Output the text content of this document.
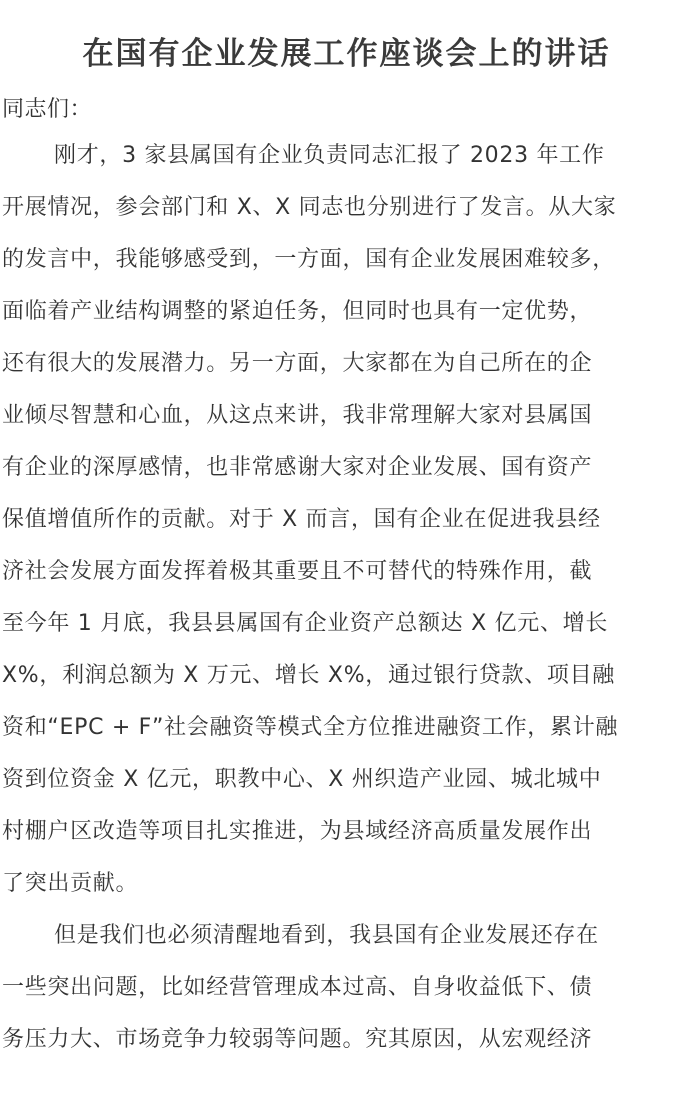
在国有企业发展工作座谈会上的讲话

同志们：

刚才，3 家县属国有企业负责同志汇报了 2023 年工作
开展情况，参会部门和 X、X 同志也分别进行了发言。从大家
的发言中，我能够感受到，一方面，国有企业发展困难较多，
面临着产业结构调整的紧迫任务，但同时也具有一定优势，
还有很大的发展潜力。另一方面，大家都在为自己所在的企
业倾尽智慧和心血，从这点来讲，我非常理解大家对县属国
有企业的深厚感情，也非常感谢大家对企业发展、国有资产
保值增值所作的贡献。对于 X 而言，国有企业在促进我县经
济社会发展方面发挥着极其重要且不可替代的特殊作用，截
至今年 1 月底，我县县属国有企业资产总额达 X 亿元、增长
X%，利润总额为 X 万元、增长 X%，通过银行贷款、项目融
资和“EPC + F”社会融资等模式全方位推进融资工作，累计融
资到位资金 X 亿元，职教中心、X 州织造产业园、城北城中
村棚户区改造等项目扎实推进，为县域经济高质量发展作出
了突出贡献。
但是我们也必须清醒地看到，我县国有企业发展还存在
一些突出问题，比如经营管理成本过高、自身收益低下、债
务压力大、市场竞争力较弱等问题。究其原因，从宏观经济
